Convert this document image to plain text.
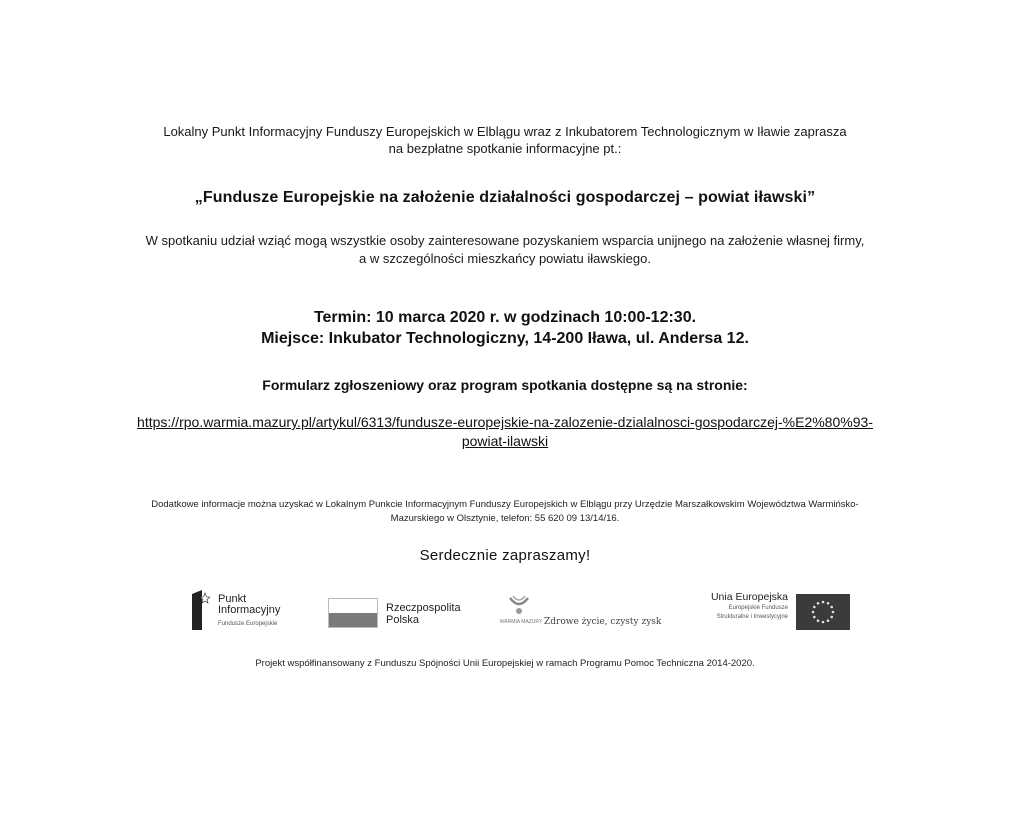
Lokalny Punkt Informacyjny Funduszy Europejskich w Elblągu wraz z Inkubatorem Technologicznym w Iławie zaprasza
na bezpłatne spotkanie informacyjne pt.:
„Fundusze Europejskie na założenie działalności gospodarczej – powiat iławski”
W spotkaniu udział wziąć mogą wszystkie osoby zainteresowane pozyskaniem wsparcia unijnego na założenie własnej firmy,
a w szczególności mieszkańcy powiatu iławskiego.
Termin: 10 marca 2020 r. w godzinach 10:00-12:30.
Miejsce: Inkubator Technologiczny, 14-200 Iława, ul. Andersa 12.
Formularz zgłoszeniowy oraz program spotkania dostępne są na stronie:
https://rpo.warmia.mazury.pl/artykul/6313/fundusze-europejskie-na-zalozenie-dzialalnosci-gospodarczej-%E2%80%93-
powiat-ilawski
Dodatkowe informacje można uzyskać w Lokalnym Punkcie Informacyjnym Funduszy Europejskich w Elblągu przy Urzędzie Marszałkowskim Województwa Warmińsko-
Mazurskiego w Olsztynie, telefon: 55 620 09 13/14/16.
Serdecznie zapraszamy!
Punkt
Informacyjny
Fundusze Europejskie
Rzeczpospolita
Polska	WARMIA MAZURY Zdrowe życie, czysty zysk
Unia Europejska
Europejskie Fundusze
Strukturalne i Inwestycyjne
Projekt współfinansowany z Funduszu Spójności Unii Europejskiej w ramach Programu Pomoc Techniczna 2014-2020.
